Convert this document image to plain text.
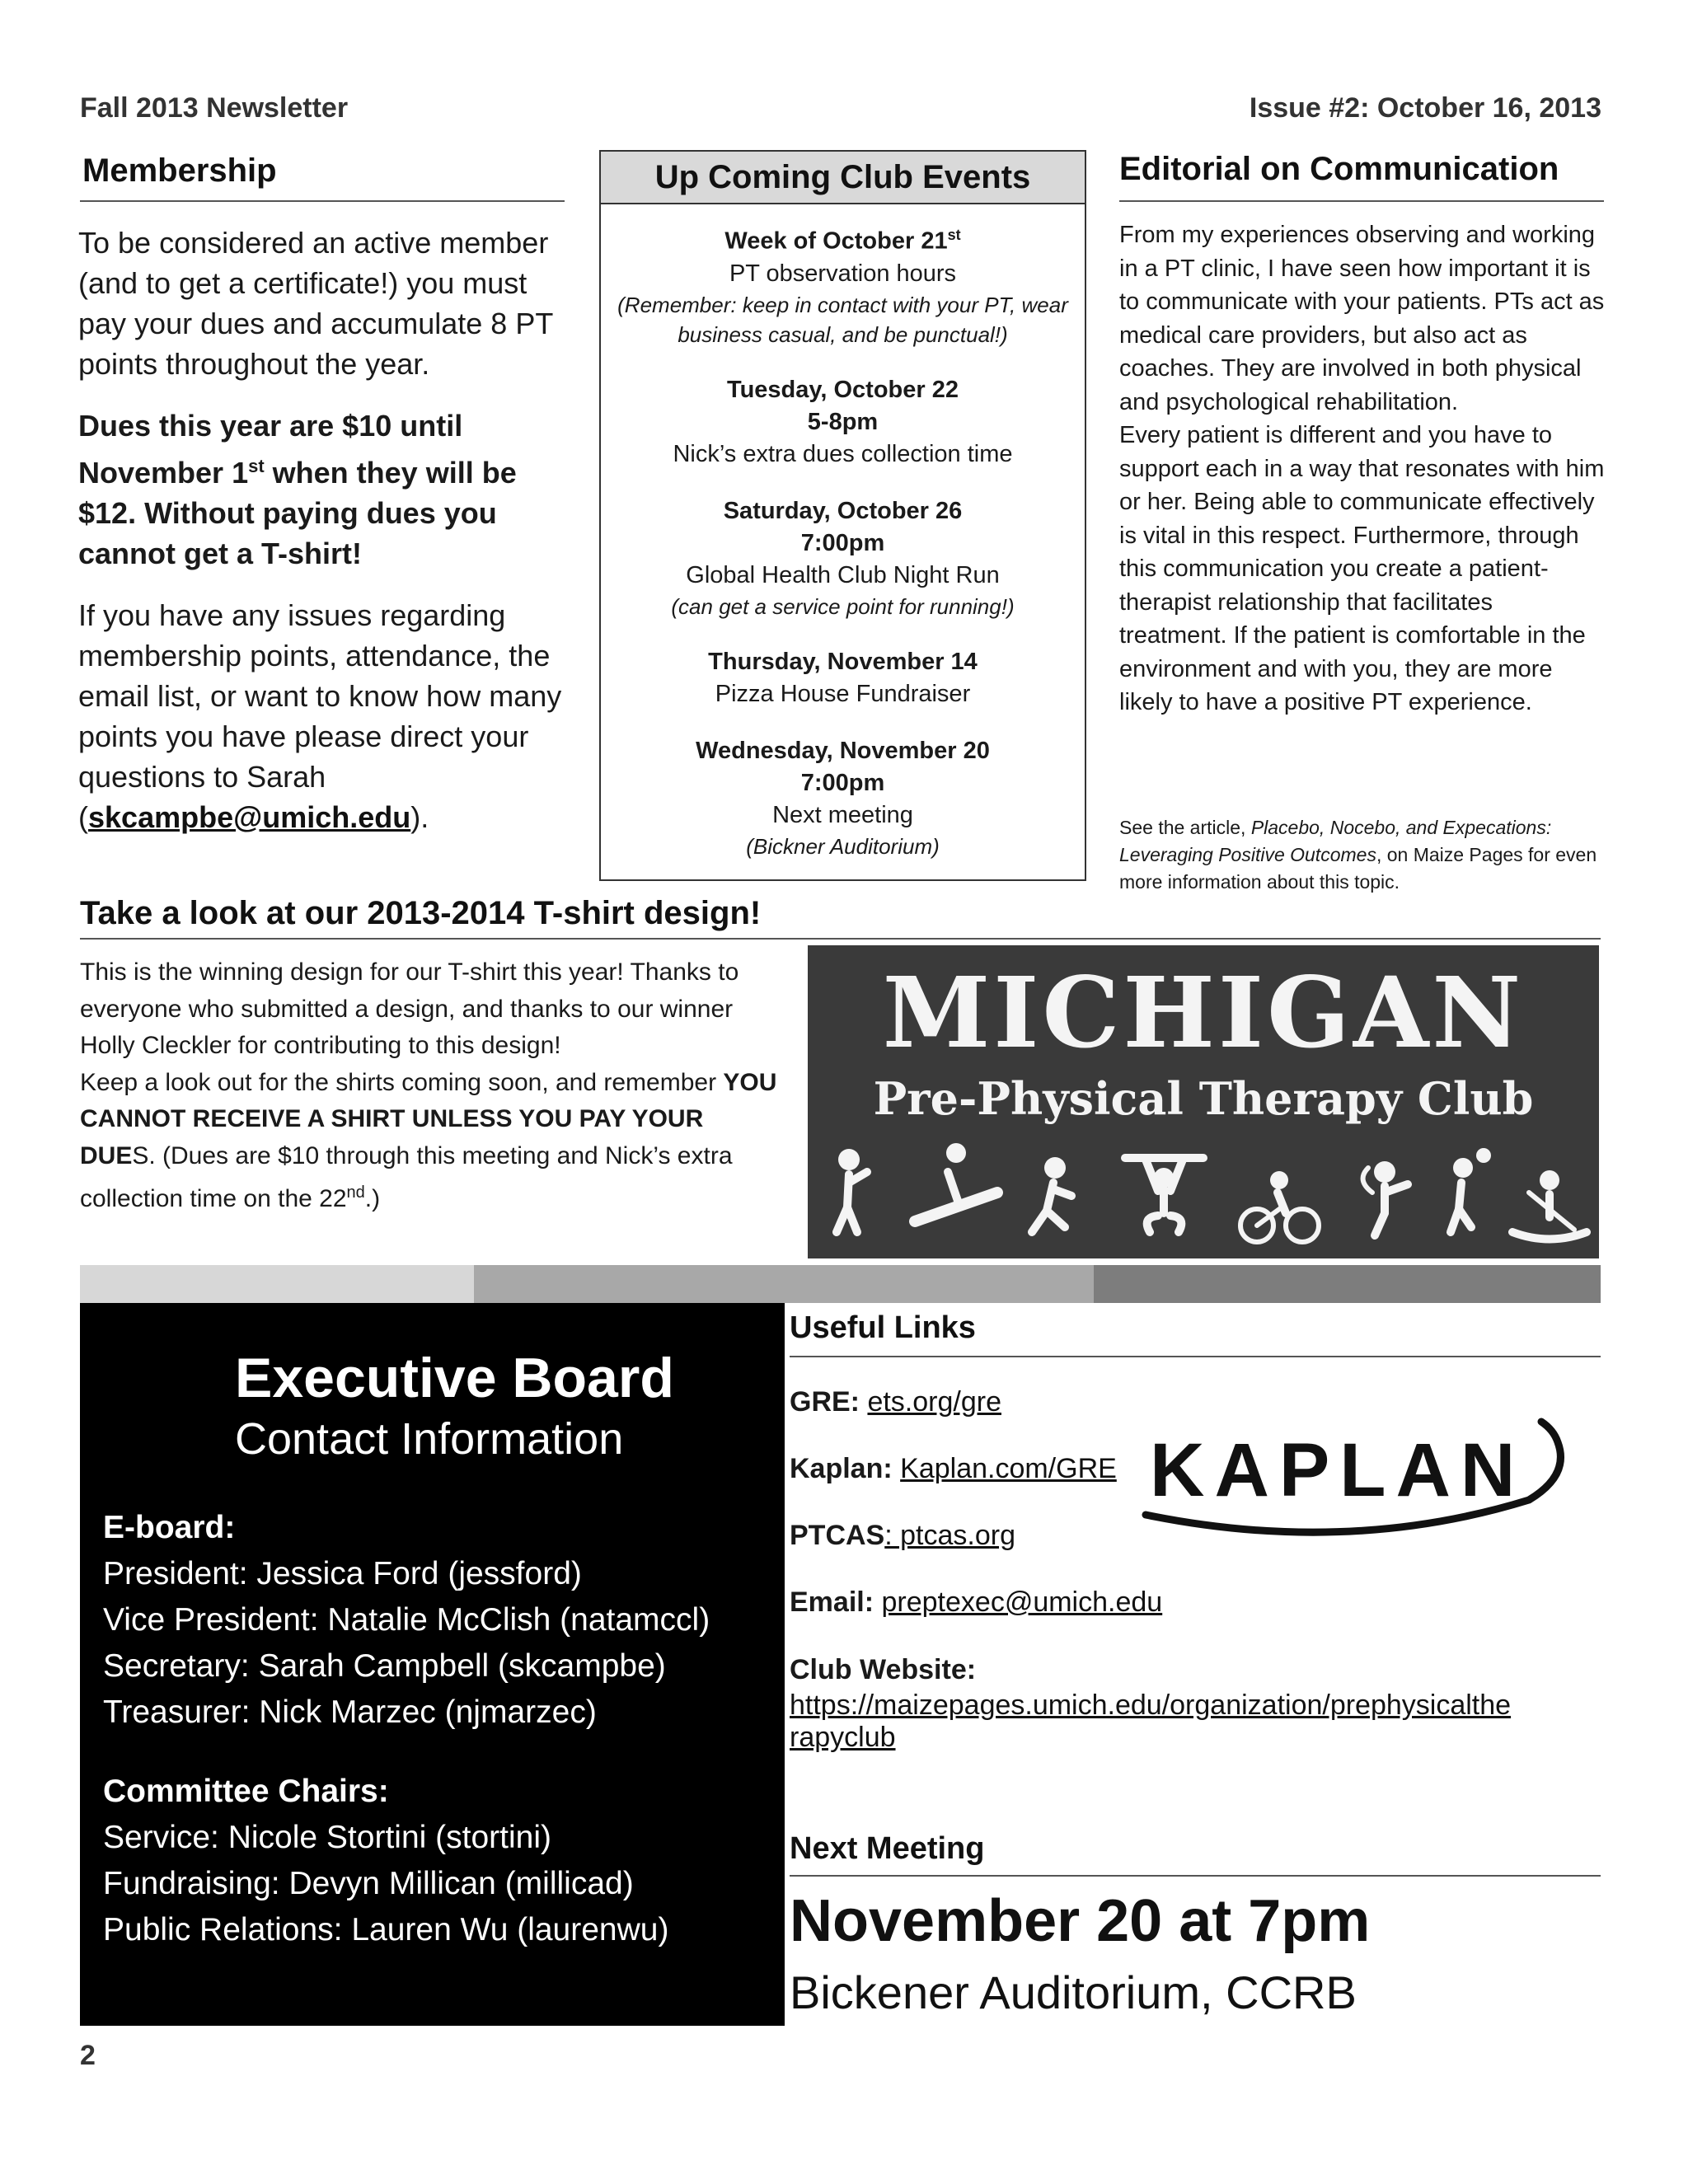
Fall 2013 Newsletter	Issue #2: October 16, 2013
Membership

To be considered an active member (and to get a certificate!) you must pay your dues and accumulate 8 PT points throughout the year.

Dues this year are $10 until November 1st when they will be $12. Without paying dues you cannot get a T-shirt!

If you have any issues regarding membership points, attendance, the email list, or want to know how many points you have please direct your questions to Sarah (skcampbe@umich.edu).

Up Coming Club Events
Week of October 21st
PT observation hours
(Remember: keep in contact with your PT, wear business casual, and be punctual!)
Tuesday, October 22
5-8pm
Nick’s extra dues collection time
Saturday, October 26
7:00pm
Global Health Club Night Run
(can get a service point for running!)
Thursday, November 14
Pizza House Fundraiser
Wednesday, November 20
7:00pm
Next meeting
(Bickner Auditorium)
Editorial on Communication

From my experiences observing and working in a PT clinic, I have seen how important it is to communicate with your patients. PTs act as medical care providers, but also act as coaches. They are involved in both physical and psychological rehabilitation.

Every patient is different and you have to support each in a way that resonates with him or her. Being able to communicate effectively is vital in this respect. Furthermore, through this communication you create a patient-therapist relationship that facilitates treatment. If the patient is comfortable in the environment and with you, they are more likely to have a positive PT experience.

See the article, Placebo, Nocebo, and Expecations: Leveraging Positive Outcomes, on Maize Pages for even more information about this topic.
Take a look at our 2013-2014 T-shirt design!

This is the winning design for our T-shirt this year! Thanks to everyone who submitted a design, and thanks to our winner Holly Cleckler for contributing to this design!

Keep a look out for the shirts coming soon, and remember YOU CANNOT RECEIVE A SHIRT UNLESS YOU PAY YOUR DUES. (Dues are $10 through this meeting and Nick’s extra collection time on the 22nd.)

MICHIGAN
Pre-Physical Therapy Club
Executive Board
Contact Information
E-board:
President: Jessica Ford (jessford)
Vice President: Natalie McClish (natamccl)
Secretary: Sarah Campbell (skcampbe)
Treasurer: Nick Marzec (njmarzec)
Committee Chairs:
Service: Nicole Stortini (stortini)
Fundraising: Devyn Millican (millicad)
Public Relations: Lauren Wu (laurenwu)
Useful Links
GRE: ets.org/gre
Kaplan: Kaplan.com/GRE
PTCAS: ptcas.org
Email: preptexec@umich.edu
Club Website:
https://maizepages.umich.edu/organization/prephysicalthe
rapyclub
KAPLAN
Next Meeting
November 20 at 7pm
Bickener Auditorium, CCRB
2
